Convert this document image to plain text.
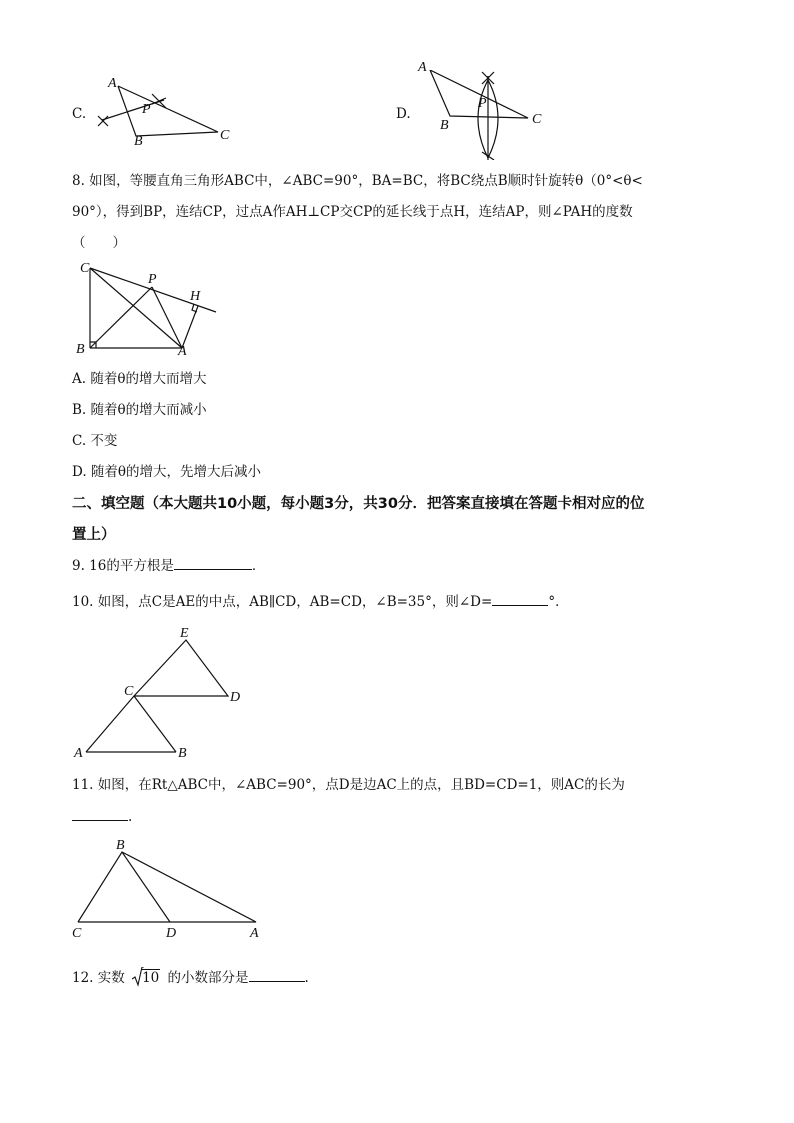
C.
A
P
B	C
D.
A
P
B	C
8. 如图，等腰直角三角形ABC中，∠ABC=90°，BA=BC，将BC绕点B顺时针旋转θ（0°<θ<
90°），得到BP，连结CP，过点A作AH⊥CP交CP的延长线于点H，连结AP，则∠PAH的度数
（　　）
C
P
H
B	A
A. 随着θ的增大而增大
B. 随着θ的增大而减小
C. 不变
D. 随着θ的增大，先增大后减小
二、填空题（本大题共10小题，每小题3分，共30分．把答案直接填在答题卡相对应的位
置上）
9. 16的平方根是	．
10. 如图，点C是AE的中点，AB∥CD，AB=CD，∠B=35°，则∠D=	°．
E
C	D
A	B
11. 如图，在Rt△ABC中，∠ABC=90°，点D是边AC上的点，且BD=CD=1，则AC的长为
.
B
C	D	A
12. 实数 10 的小数部分是	.
